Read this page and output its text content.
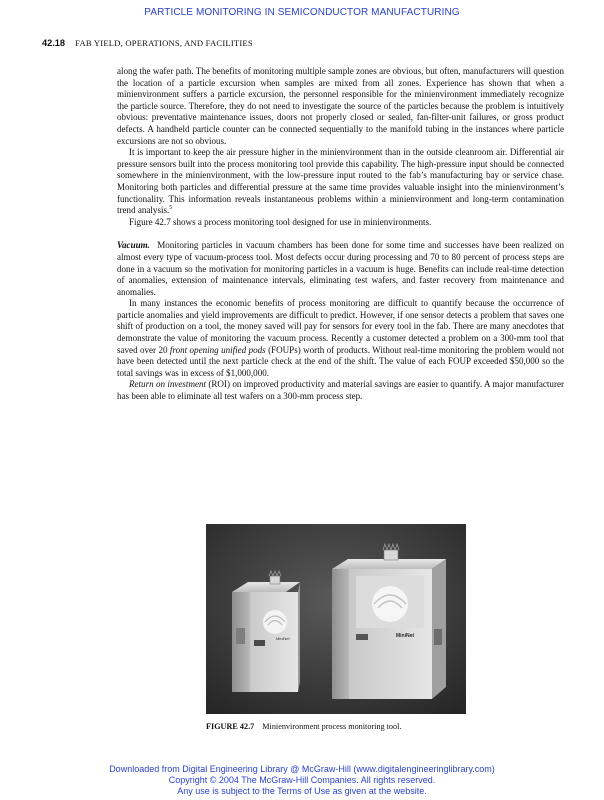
PARTICLE MONITORING IN SEMICONDUCTOR MANUFACTURING
42.18 FAB YIELD, OPERATIONS, AND FACILITIES

along the wafer path. The benefits of monitoring multiple sample zones are obvious, but often, manufacturers will question the location of a particle excursion when samples are mixed from all zones. Experience has shown that when a minienvironment suffers a particle excursion, the personnel responsible for the minienvironment immediately recognize the particle source. Therefore, they do not need to investigate the source of the particles because the problem is intuitively obvious: preventative maintenance issues, doors not properly closed or sealed, fan-filter-unit failures, or gross product defects. A handheld particle counter can be connected sequentially to the manifold tubing in the instances where particle excursions are not so obvious.

It is important to keep the air pressure higher in the minienvironment than in the outside cleanroom air. Differential air pressure sensors built into the process monitoring tool provide this capability. The high-pressure input should be connected somewhere in the minienvironment, with the low-pressure input routed to the fab’s manufacturing bay or service chase. Monitoring both particles and differential pressure at the same time provides valuable insight into the minienvironment’s functionality. This information reveals instantaneous problems within a minienvironment and long-term contamination trend analysis.$^5$

Figure 42.7 shows a process monitoring tool designed for use in minienvironments.

Vacuum. Monitoring particles in vacuum chambers has been done for some time and successes have been realized on almost every type of vacuum-process tool. Most defects occur during processing and 70 to 80 percent of process steps are done in a vacuum so the motivation for monitoring particles in a vacuum is huge. Benefits can include real-time detection of anomalies, extension of maintenance intervals, eliminating test wafers, and faster recovery from maintenance and anomalies.

In many instances the economic benefits of process monitoring are difficult to quantify because the occurrence of particle anomalies and yield improvements are difficult to predict. However, if one sensor detects a problem that saves one shift of production on a tool, the money saved will pay for sensors for every tool in the fab. There are many anecdotes that demonstrate the value of monitoring the vacuum process. Recently a customer detected a problem on a 300-mm tool that saved over 20 front opening unified pods (FOUPs) worth of products. Without real-time monitoring the problem would not have been detected until the next particle check at the end of the shift. The value of each FOUP exceeded $50,000 so the total savings was in excess of $1,000,000.

Return on investment (ROI) on improved productivity and material savings are easier to quantify. A major manufacturer has been able to eliminate all test wafers on a 300-mm process step.

MiniNet	MiniNet
FIGURE 42.7 Minienvironment process monitoring tool.
Downloaded from Digital Engineering Library @ McGraw-Hill (www.digitalengineeringlibrary.com)
Copyright © 2004 The McGraw-Hill Companies. All rights reserved.
Any use is subject to the Terms of Use as given at the website.
